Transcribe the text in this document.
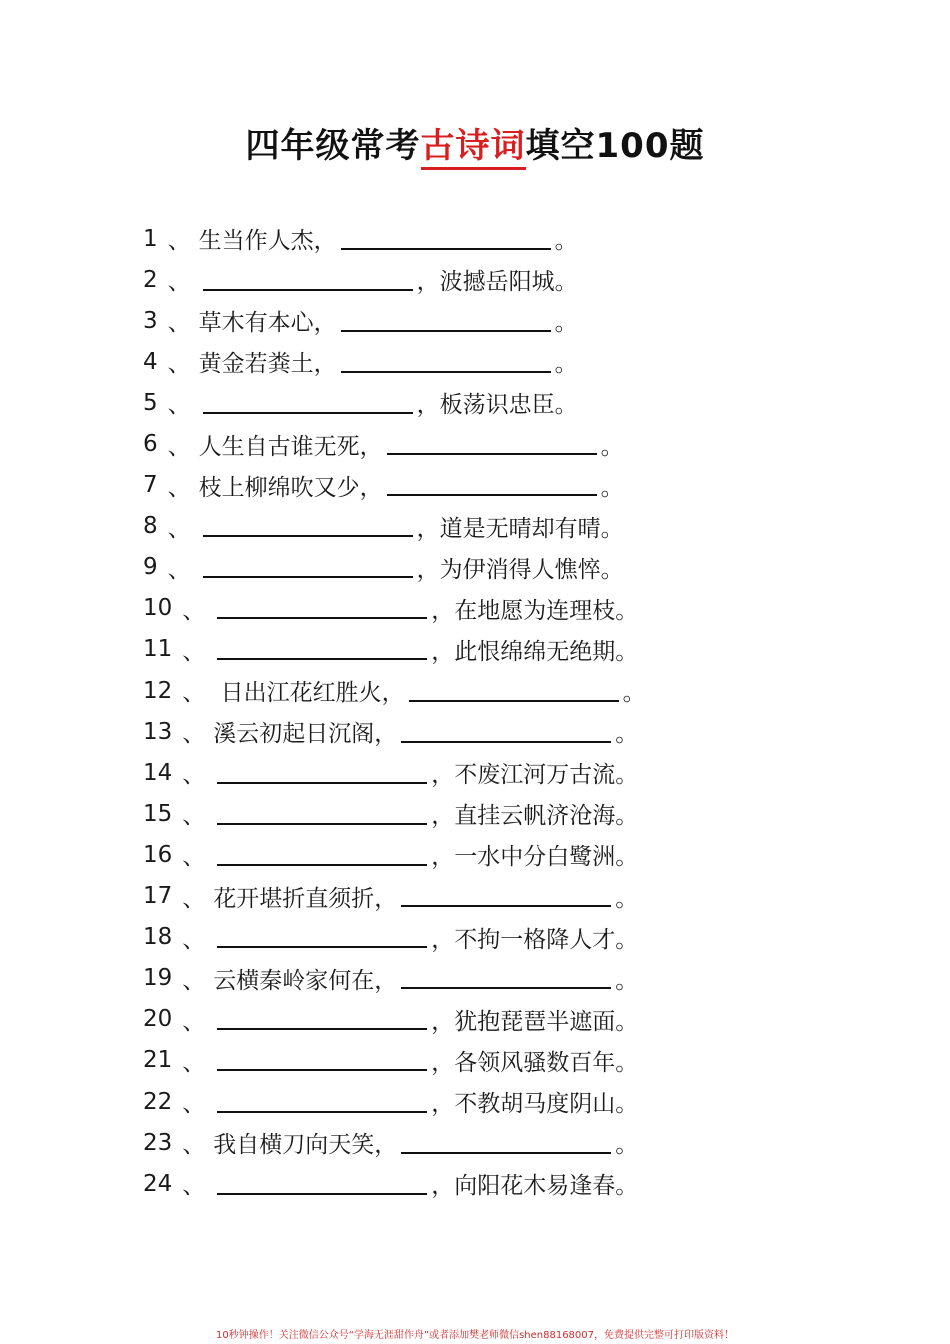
四年级常考古诗词填空100题
1 、 生当作人杰，	。
2 、	，波撼岳阳城。
3 、 草木有本心，	。
4 、 黄金若粪土，	。
5 、	，板荡识忠臣。
6 、 人生自古谁无死，	。
7 、 枝上柳绵吹又少，	。
8 、	，道是无晴却有晴。
9 、	，为伊消得人憔悴。
10 、	，在地愿为连理枝。
11 、	，此恨绵绵无绝期。
12 、 日出江花红胜火，	。
13 、 溪云初起日沉阁，	。
14 、	，不废江河万古流。
15 、	，直挂云帆济沧海。
16 、	，一水中分白鹭洲。
17 、 花开堪折直须折，	。
18 、	，不拘一格降人才。
19 、 云横秦岭家何在，	。
20 、	，犹抱琵琶半遮面。
21 、	，各领风骚数百年。
22 、	，不教胡马度阴山。
23 、 我自横刀向天笑，	。
24 、	，向阳花木易逢春。
10秒钟操作！关注微信公众号“学海无涯甜作舟”或者添加樊老师微信shen88168007，免费提供完整可打印版资料！
